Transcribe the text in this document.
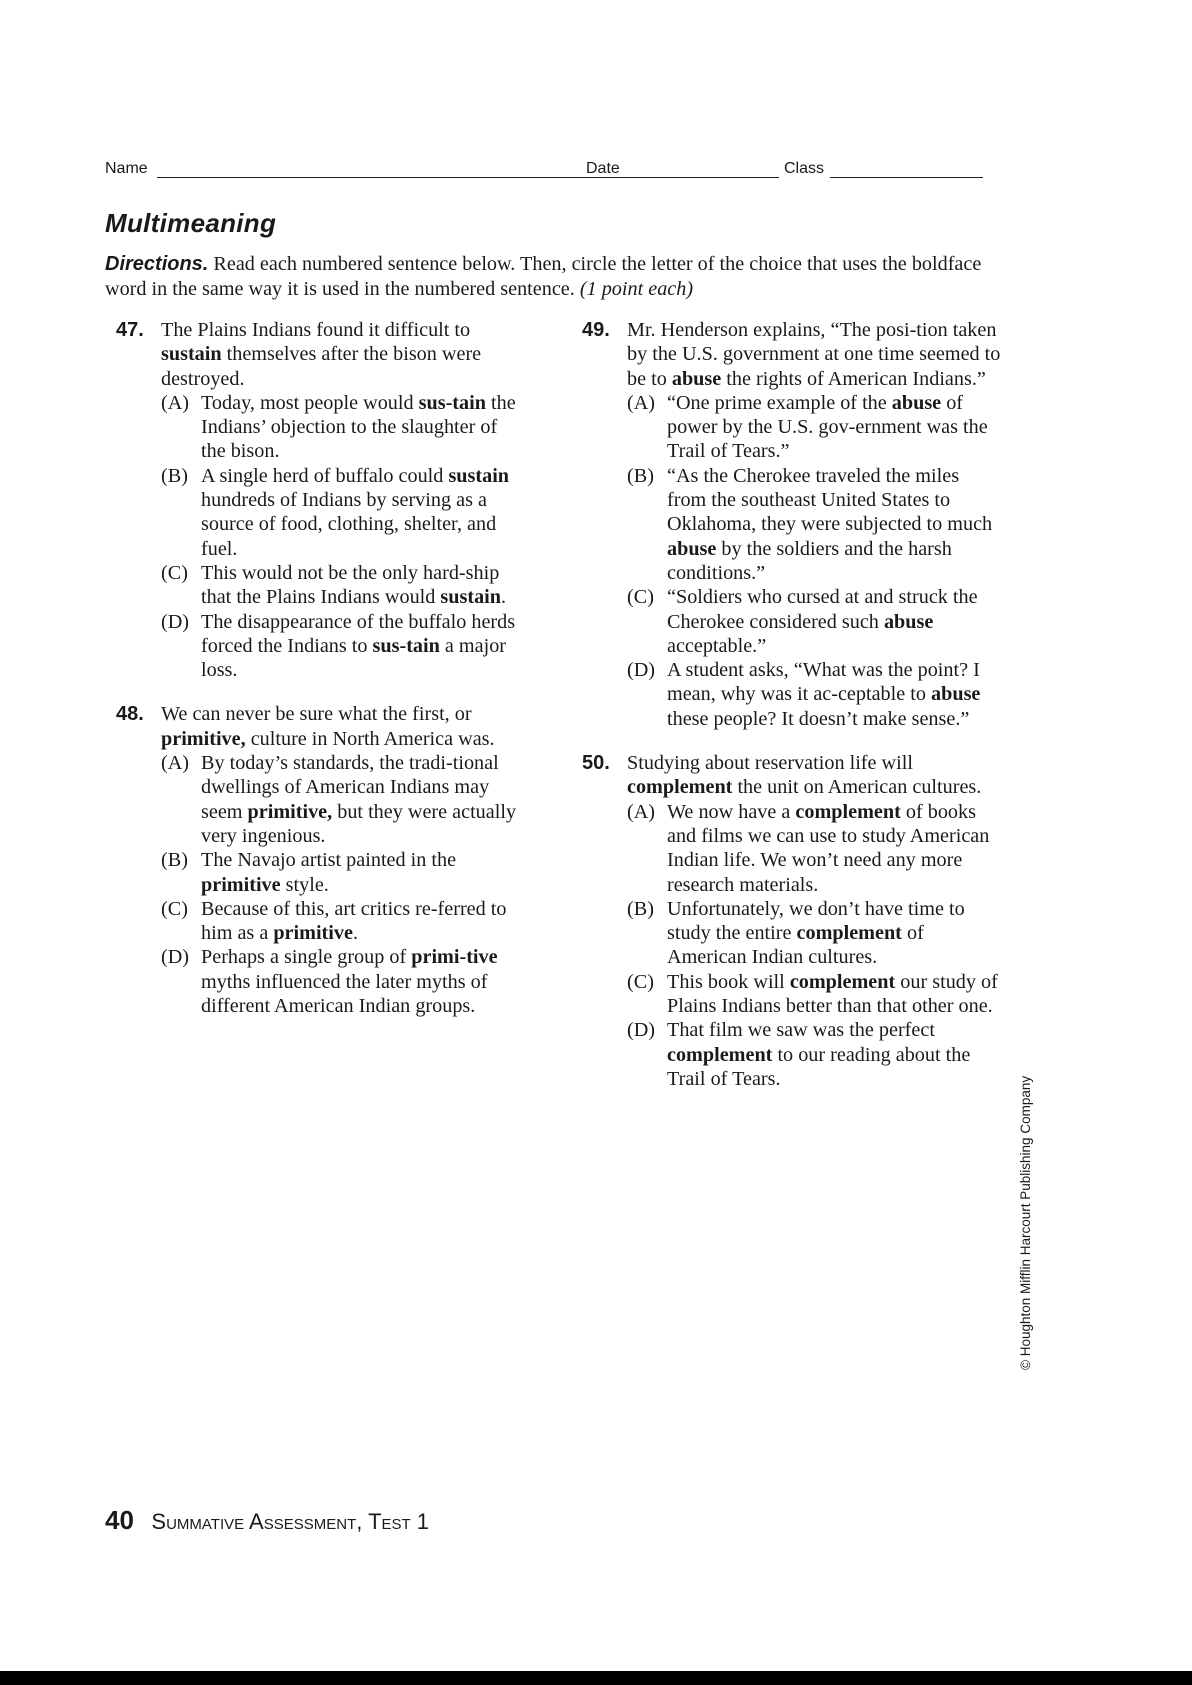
Name	Date	Class
Multimeaning
Directions. Read each numbered sentence below. Then, circle the letter of the choice that uses the boldface word in the same way it is used in the numbered sentence. (1 point each)
47. The Plains Indians found it difficult to sustain themselves after the bison were destroyed.
(A) Today, most people would sus-tain the Indians’ objection to the slaughter of the bison.
(B) A single herd of buffalo could sustain hundreds of Indians by serving as a source of food, clothing, shelter, and fuel.
(C) This would not be the only hard-ship that the Plains Indians would sustain.
(D) The disappearance of the buffalo herds forced the Indians to sus-tain a major loss.
48. We can never be sure what the first, or primitive, culture in North America was.
(A) By today’s standards, the tradi-tional dwellings of American Indians may seem primitive, but they were actually very ingenious.
(B) The Navajo artist painted in the primitive style.
(C) Because of this, art critics re-ferred to him as a primitive.
(D) Perhaps a single group of primi-tive myths influenced the later myths of different American Indian groups.
49. Mr. Henderson explains, “The posi-tion taken by the U.S. government at one time seemed to be to abuse the rights of American Indians.”
(A) “One prime example of the abuse of power by the U.S. gov-ernment was the Trail of Tears.”
(B) “As the Cherokee traveled the miles from the southeast United States to Oklahoma, they were subjected to much abuse by the soldiers and the harsh conditions.”
(C) “Soldiers who cursed at and struck the Cherokee considered such abuse acceptable.”
(D) A student asks, “What was the point? I mean, why was it ac-ceptable to abuse these people? It doesn’t make sense.”
50. Studying about reservation life will complement the unit on American cultures.
(A) We now have a complement of books and films we can use to study American Indian life. We won’t need any more research materials.
(B) Unfortunately, we don’t have time to study the entire complement of American Indian cultures.
(C) This book will complement our study of Plains Indians better than that other one.
(D) That film we saw was the perfect complement to our reading about the Trail of Tears.	© Houghton Mifflin Harcourt Publishing Company
40 Summative Assessment, Test 1
